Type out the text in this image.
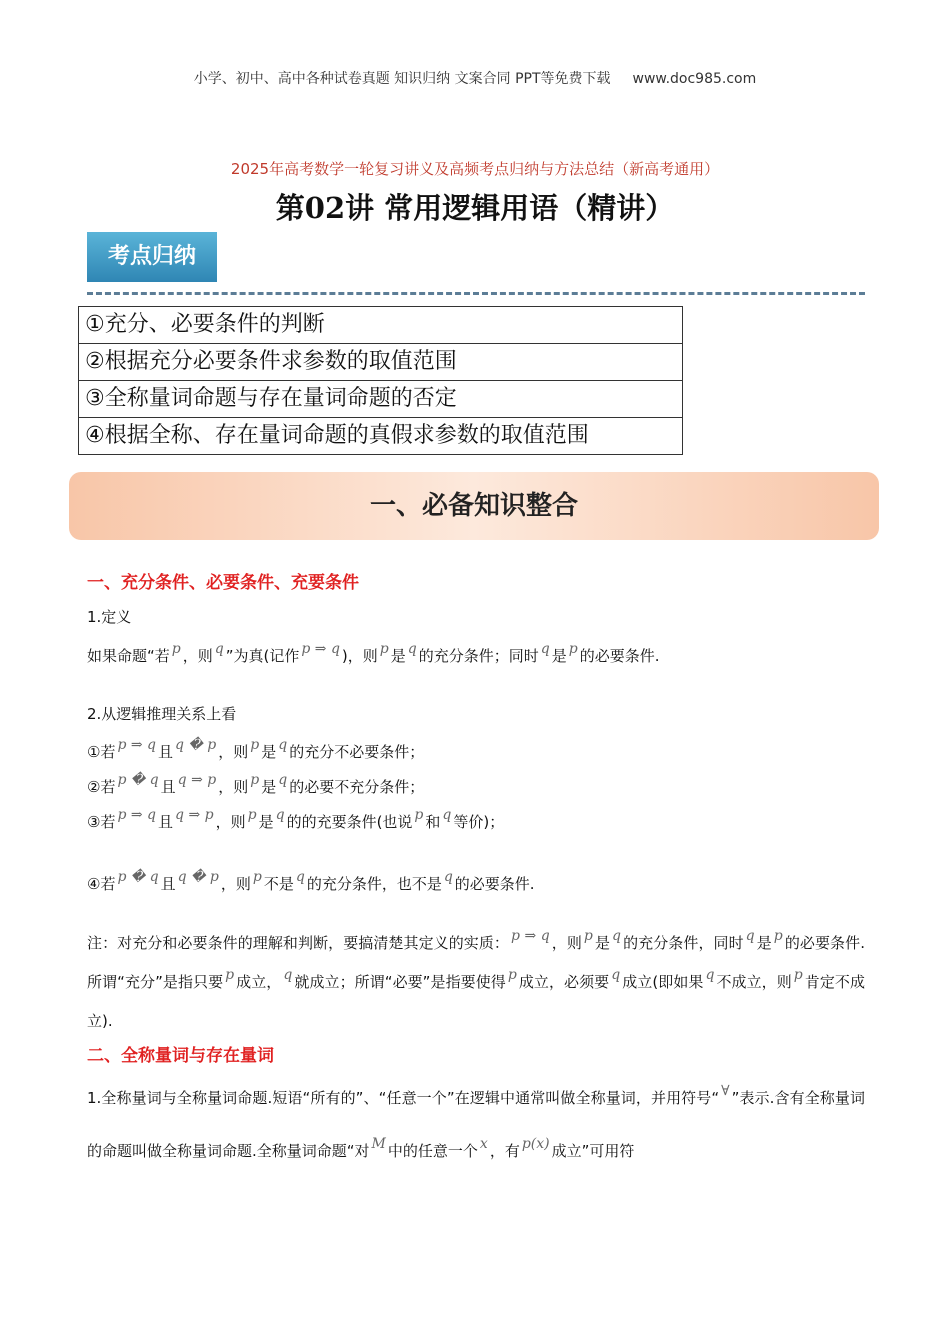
小学、初中、高中各种试卷真题 知识归纳 文案合同 PPT等免费下载 www.doc985.com
2025年高考数学一轮复习讲义及高频考点归纳与方法总结（新高考通用）
第02讲 常用逻辑用语（精讲）
考点归纳
①充分、必要条件的判断
②根据充分必要条件求参数的取值范围
③全称量词命题与存在量词命题的否定
④根据全称、存在量词命题的真假求参数的取值范围
一、必备知识整合
一、充分条件、必要条件、充要条件
1.定义
如果命题“若 p ，则 q ”为真(记作 p ⇒ q )，则 p 是 q 的充分条件；同时 q 是 p 的必要条件.
2.从逻辑推理关系上看
①若 p ⇒ q 且 q � p ，则 p 是 q 的充分不必要条件；
②若 p � q 且 q ⇒ p ，则 p 是 q 的必要不充分条件；
③若 p ⇒ q 且 q ⇒ p ，则 p 是 q 的的充要条件(也说 p 和 q 等价)；
④若 p � q 且 q � p ，则 p 不是 q 的充分条件，也不是 q 的必要条件.
注：对充分和必要条件的理解和判断，要搞清楚其定义的实质： p ⇒ q ，则 p 是 q 的充分条件，同时 q 是 p 的必要条件.所谓“充分”是指只要 p 成立， q 就成立；所谓“必要”是指要使得 p 成立，必须要 q 成立(即如果 q 不成立，则 p 肯定不成立).
二、全称量词与存在量词
1.全称量词与全称量词命题.短语“所有的”、“任意一个”在逻辑中通常叫做全称量词，并用符号“ ∀ ”表示.含有全称量词的命题叫做全称量词命题.全称量词命题“对 M 中的任意一个 x ，有 p(x) 成立”可用符
